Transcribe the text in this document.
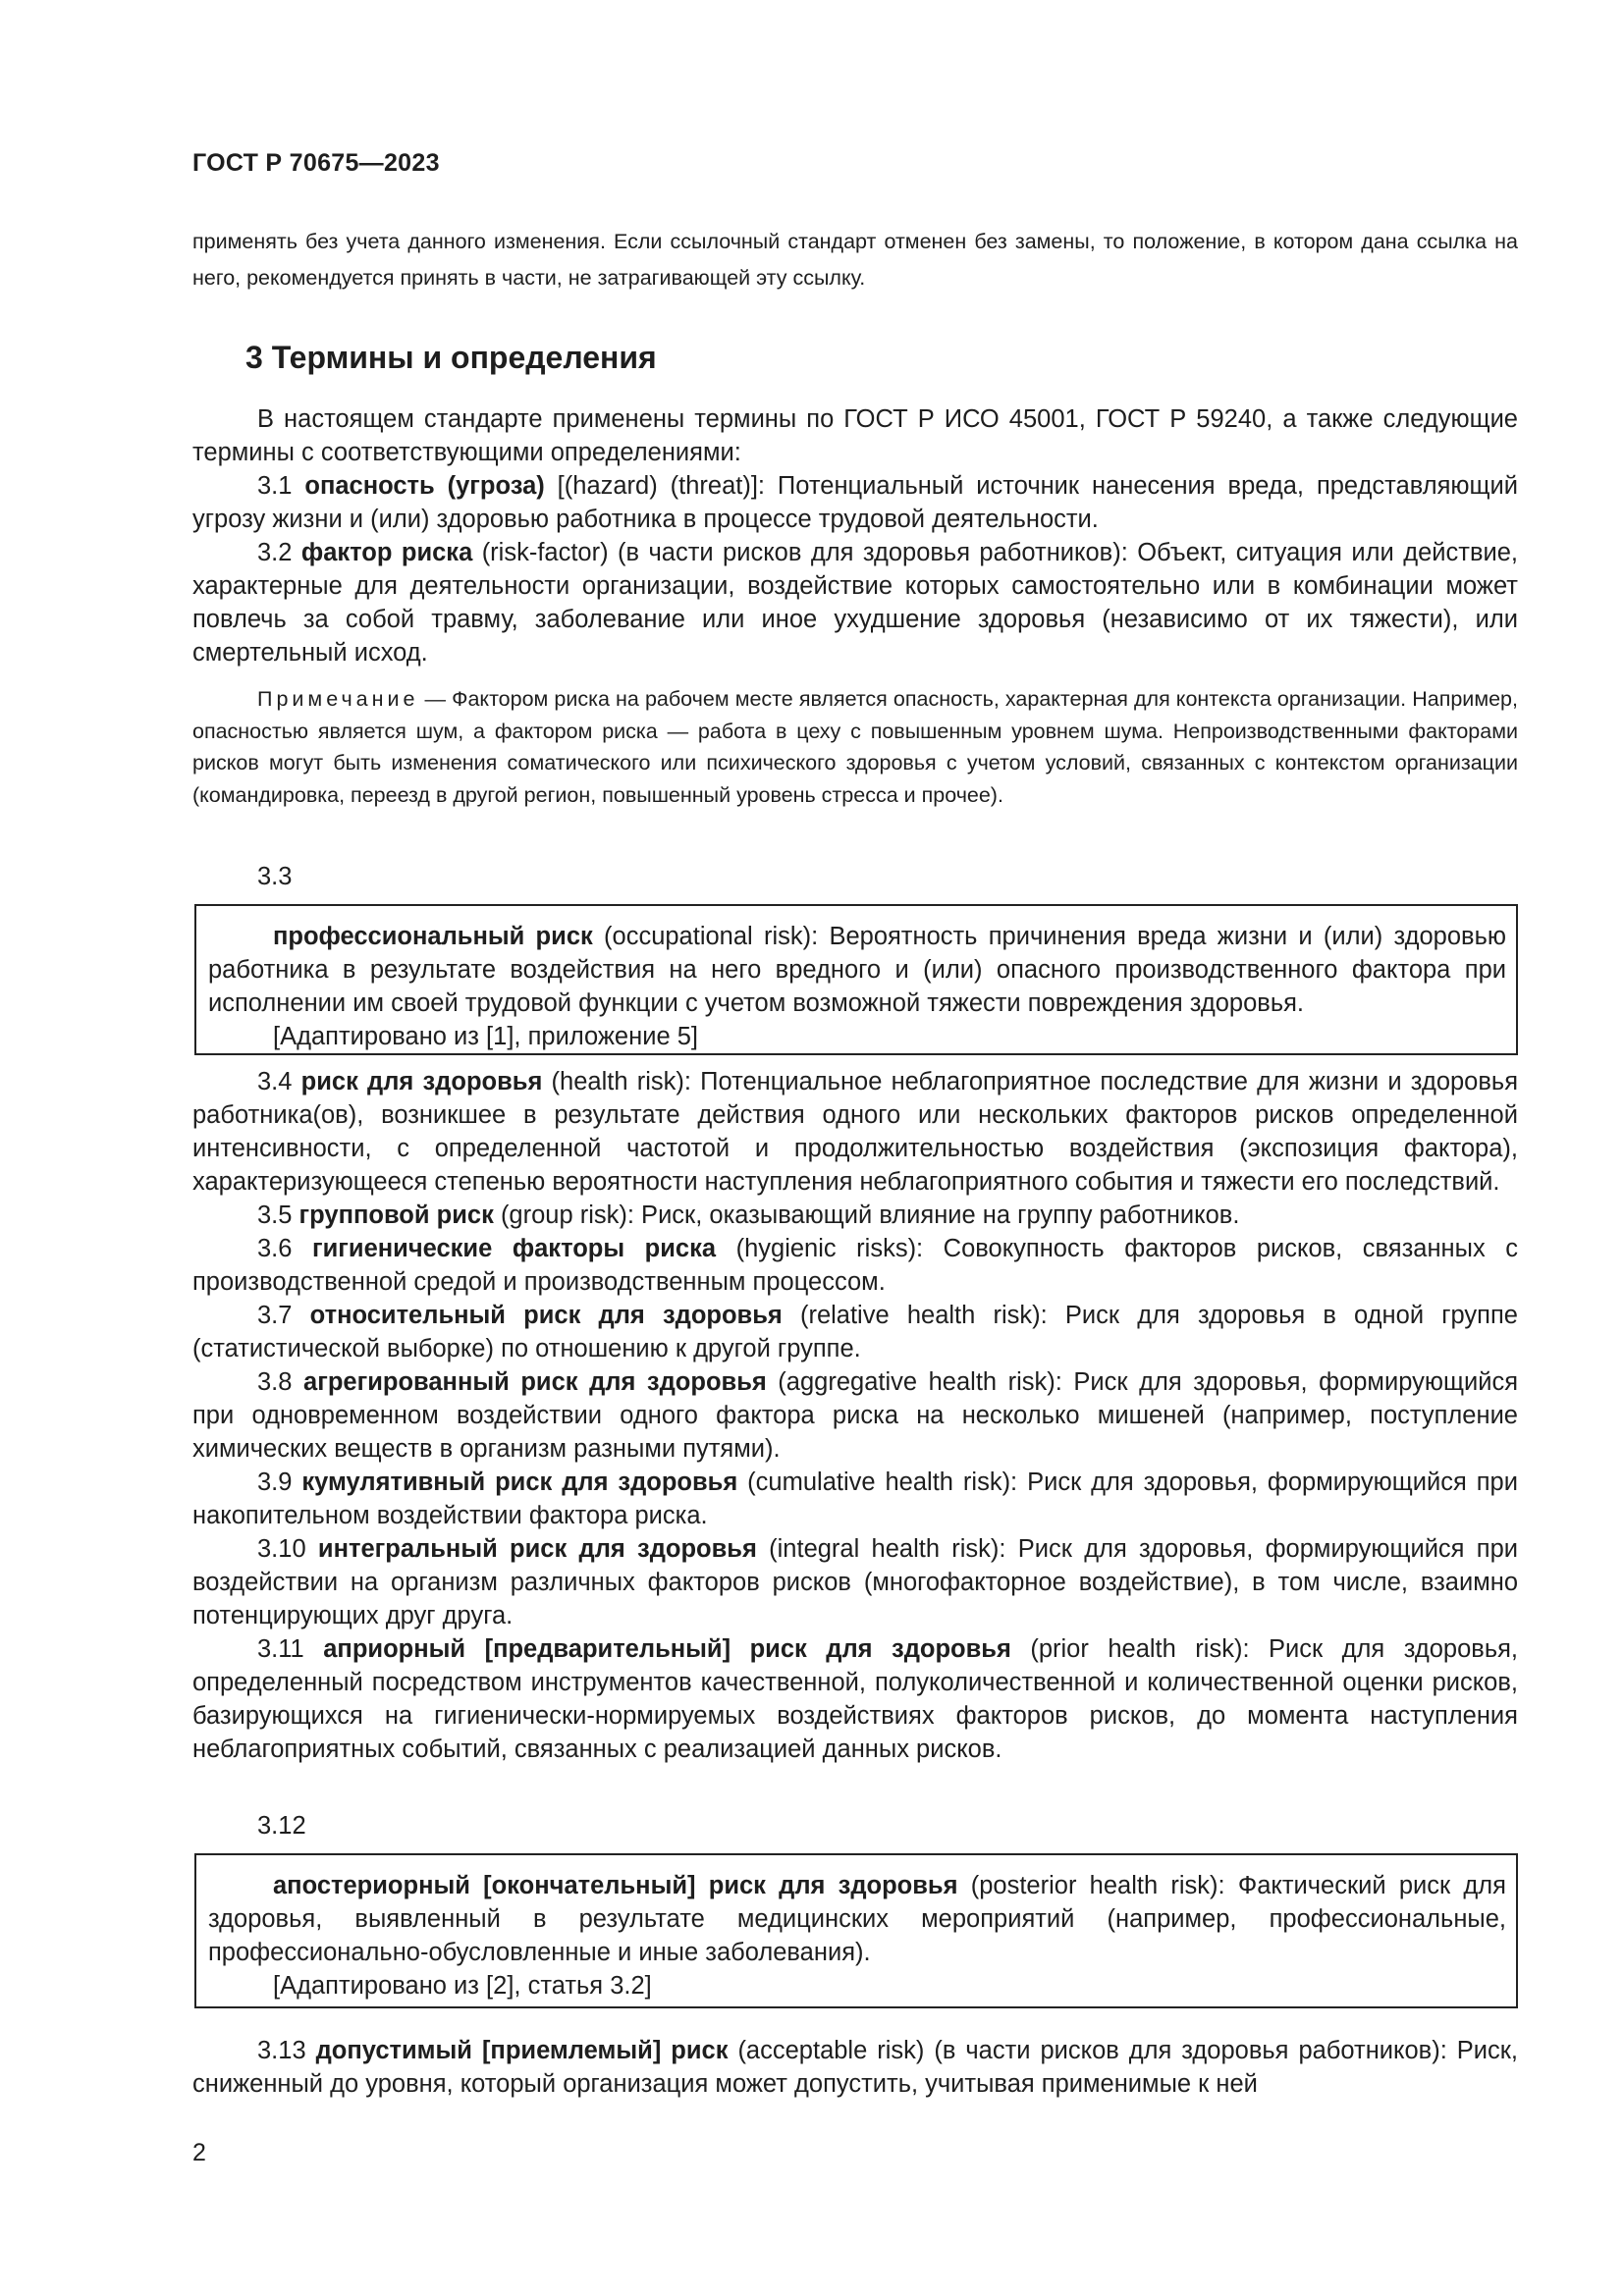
ГОСТ Р 70675—2023
применять без учета данного изменения. Если ссылочный стандарт отменен без замены, то положение, в котором дана ссылка на него, рекомендуется принять в части, не затрагивающей эту ссылку.
3 Термины и определения

В настоящем стандарте применены термины по ГОСТ Р ИСО 45001, ГОСТ Р 59240, а также следующие термины с соответствующими определениями:

3.1 опасность (угроза) [(hazard) (threat)]: Потенциальный источник нанесения вреда, представляющий угрозу жизни и (или) здоровью работника в процессе трудовой деятельности.

3.2 фактор риска (risk-factor) (в части рисков для здоровья работников): Объект, ситуация или действие, характерные для деятельности организации, воздействие которых самостоятельно или в комбинации может повлечь за собой травму, заболевание или иное ухудшение здоровья (независимо от их тяжести), или смертельный исход.

Примечание — Фактором риска на рабочем месте является опасность, характерная для контекста организации. Например, опасностью является шум, а фактором риска — работа в цеху с повышенным уровнем шума. Непроизводственными факторами рисков могут быть изменения соматического или психического здоровья с учетом условий, связанных с контекстом организации (командировка, переезд в другой регион, повышенный уровень стресса и прочее).

3.3

профессиональный риск (occupational risk): Вероятность причинения вреда жизни и (или) здоровью работника в результате воздействия на него вредного и (или) опасного производственного фактора при исполнении им своей трудовой функции с учетом возможной тяжести повреждения здоровья.

[Адаптировано из [1], приложение 5]

3.4 риск для здоровья (health risk): Потенциальное неблагоприятное последствие для жизни и здоровья работника(ов), возникшее в результате действия одного или нескольких факторов рисков определенной интенсивности, с определенной частотой и продолжительностью воздействия (экспозиция фактора), характеризующееся степенью вероятности наступления неблагоприятного события и тяжести его последствий.

3.5 групповой риск (group risk): Риск, оказывающий влияние на группу работников.

3.6 гигиенические факторы риска (hygienic risks): Совокупность факторов рисков, связанных с производственной средой и производственным процессом.

3.7 относительный риск для здоровья (relative health risk): Риск для здоровья в одной группе (статистической выборке) по отношению к другой группе.

3.8 агрегированный риск для здоровья (aggregative health risk): Риск для здоровья, формирующийся при одновременном воздействии одного фактора риска на несколько мишеней (например, поступление химических веществ в организм разными путями).

3.9 кумулятивный риск для здоровья (cumulative health risk): Риск для здоровья, формирующийся при накопительном воздействии фактора риска.

3.10 интегральный риск для здоровья (integral health risk): Риск для здоровья, формирующийся при воздействии на организм различных факторов рисков (многофакторное воздействие), в том числе, взаимно потенцирующих друг друга.

3.11 априорный [предварительный] риск для здоровья (prior health risk): Риск для здоровья, определенный посредством инструментов качественной, полуколичественной и количественной оценки рисков, базирующихся на гигиенически-нормируемых воздействиях факторов рисков, до момента наступления неблагоприятных событий, связанных с реализацией данных рисков.

3.12

апостериорный [окончательный] риск для здоровья (posterior health risk): Фактический риск для здоровья, выявленный в результате медицинских мероприятий (например, профессиональные, профессионально-обусловленные и иные заболевания).

[Адаптировано из [2], статья 3.2]

3.13 допустимый [приемлемый] риск (acceptable risk) (в части рисков для здоровья работников): Риск, сниженный до уровня, который организация может допустить, учитывая применимые к ней

2
